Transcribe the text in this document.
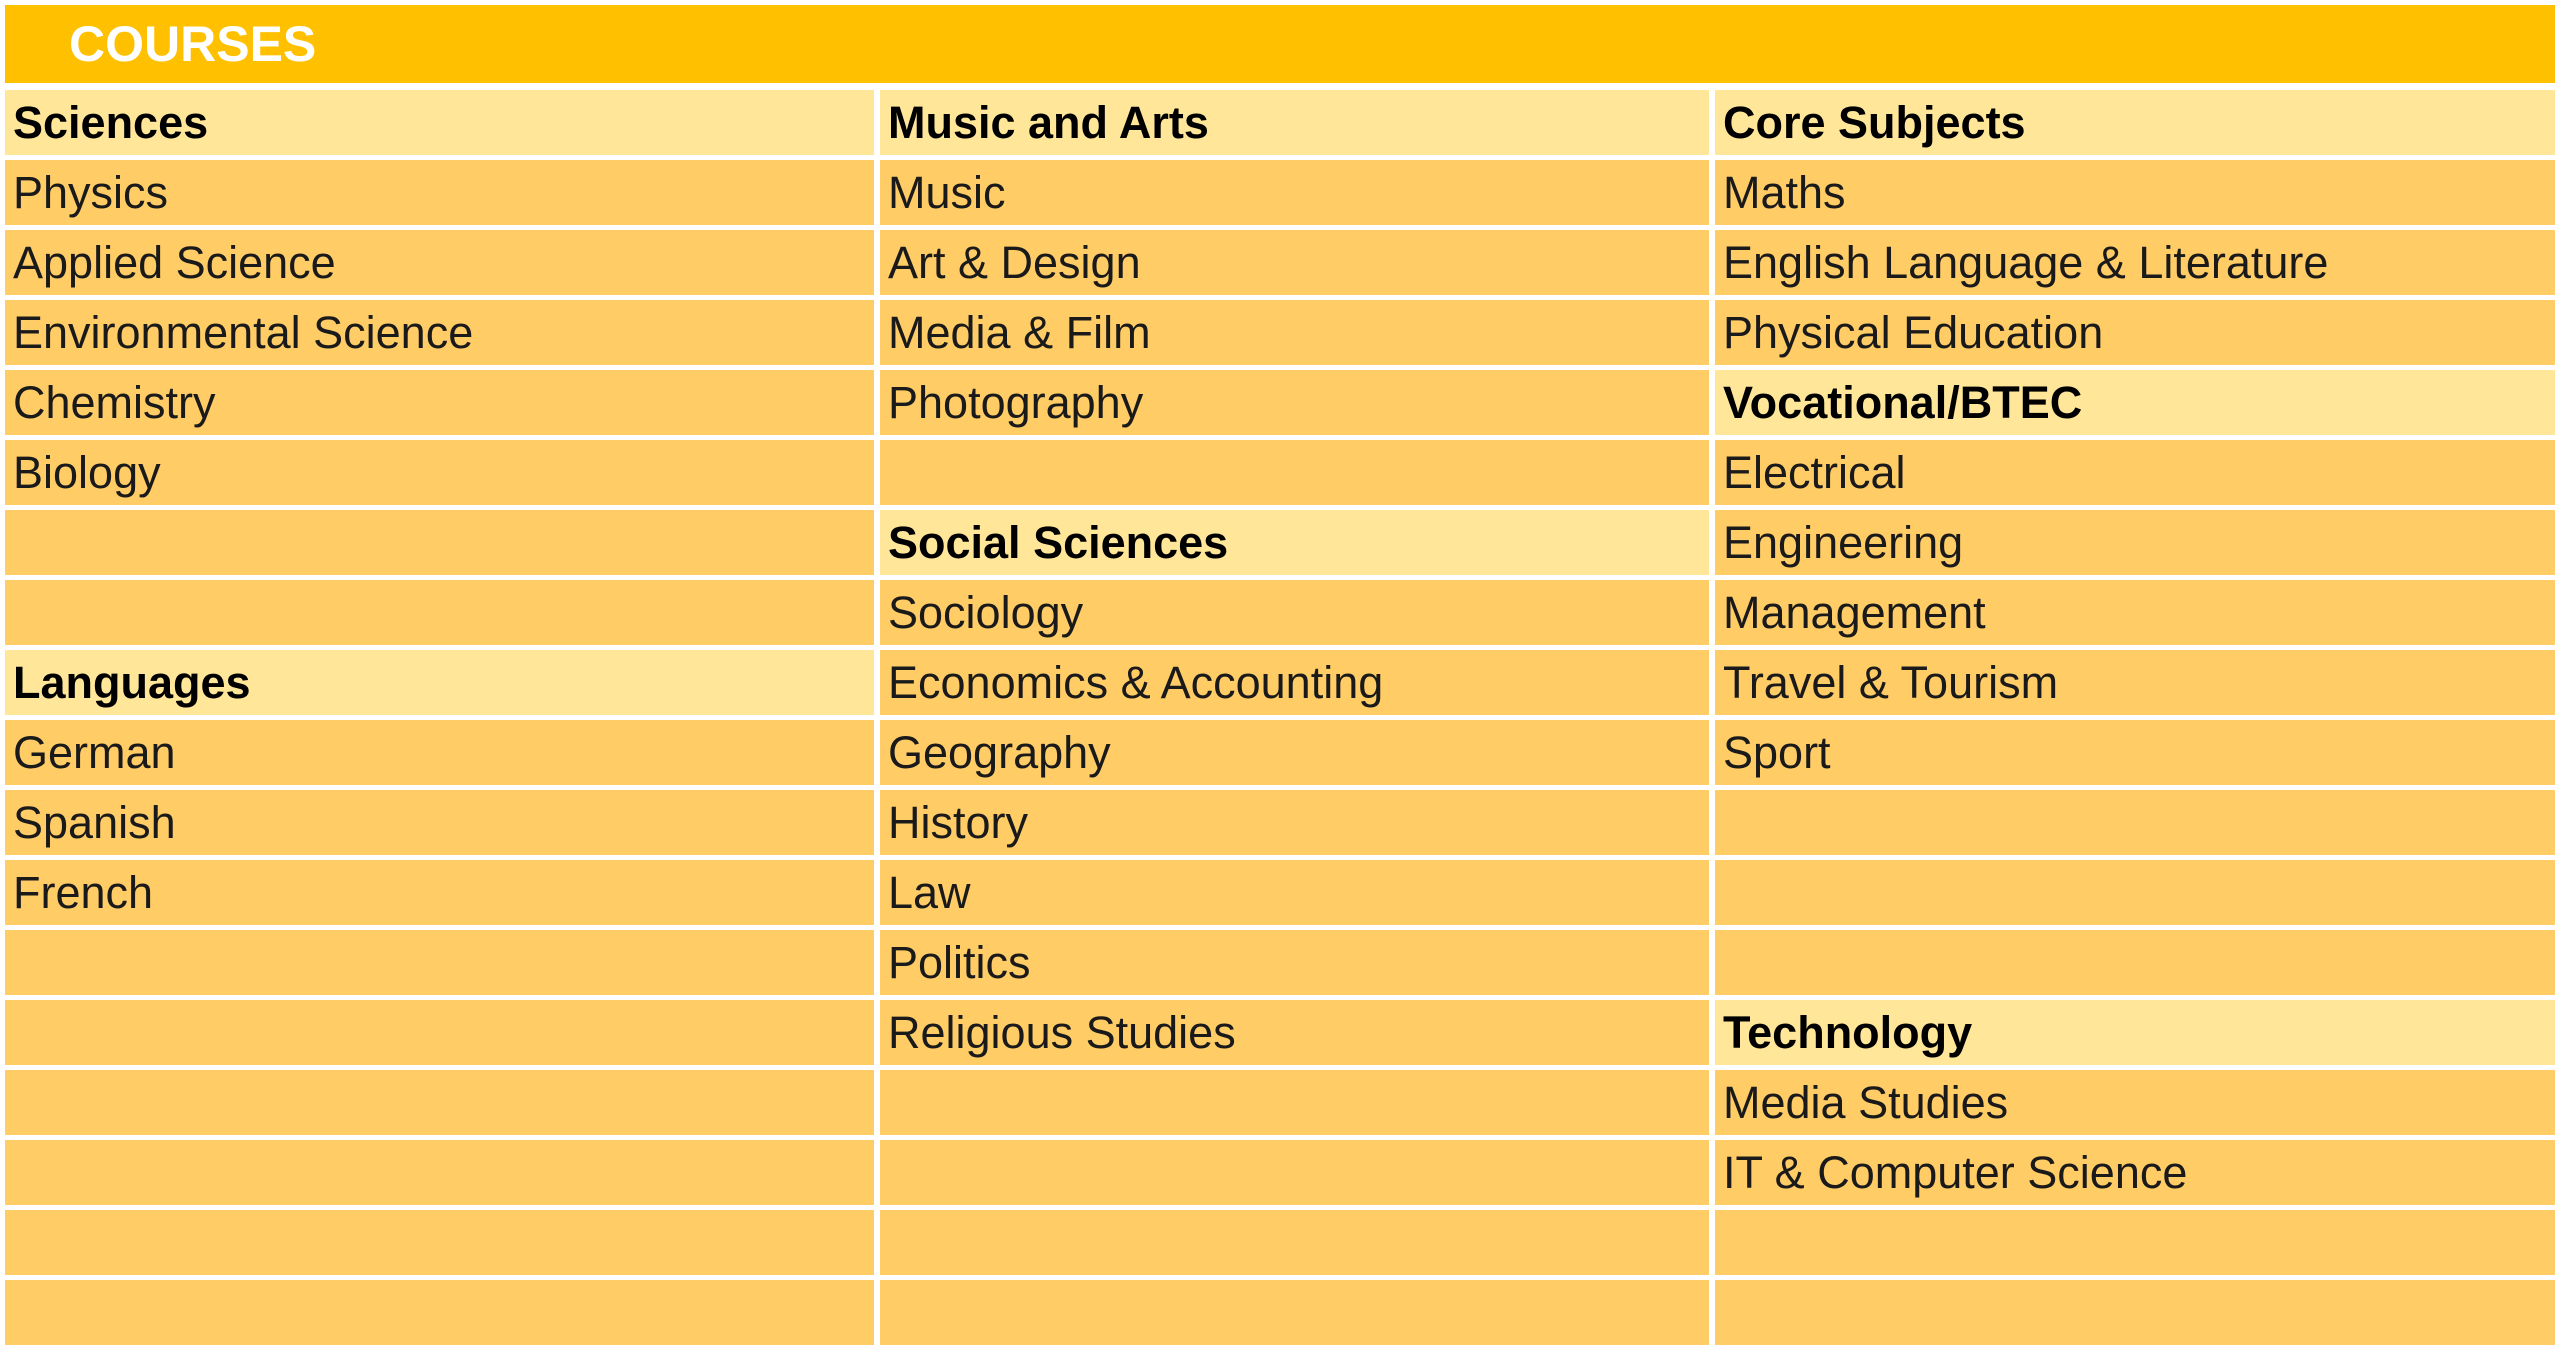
COURSES
Sciences
Physics
Applied Science
Environmental Science
Chemistry
Biology
Languages
German
Spanish
French
Music and Arts
Music
Art & Design
Media & Film
Photography
Social Sciences
Sociology
Economics & Accounting
Geography
History
Law
Politics
Religious Studies
Core Subjects
Maths
English Language & Literature
Physical Education
Vocational/BTEC
Electrical
Engineering
Management
Travel & Tourism
Sport
Technology
Media Studies
IT & Computer Science
